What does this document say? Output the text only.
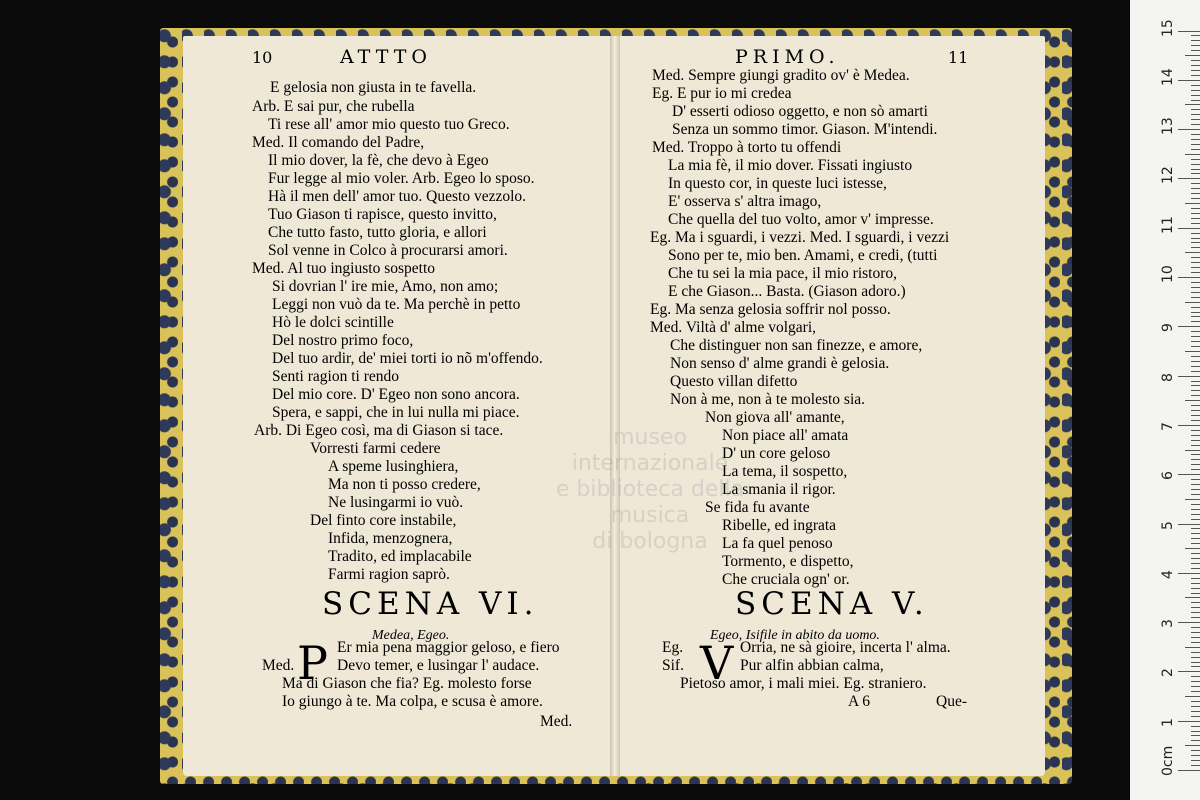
10	ATTTO	PRIMO.	11
museo internazionale
e biblioteca della musica
di bologna
E gelosia non giusta in te favella.
Arb. E sai pur, che rubella
Ti rese all' amor mio questo tuo Greco.
Med. Il comando del Padre,
Il mio dover, la fè, che devo à Egeo
Fur legge al mio voler. Arb. Egeo lo sposo.
Hà il men dell' amor tuo. Questo vezzolo.
Tuo Giason ti rapisce, questo invitto,
Che tutto fasto, tutto gloria, e allori
Sol venne in Colco à procurarsi amori.
Med. Al tuo ingiusto sospetto
Si dovrian l' ire mie, Amo, non amo;
Leggi non vuò da te. Ma perchè in petto
Hò le dolci scintille
Del nostro primo foco,
Del tuo ardir, de' miei torti io nõ m'offendo.
Senti ragion ti rendo
Del mio core. D' Egeo non sono ancora.
Spera, e sappi, che in lui nulla mi piace.
Arb. Di Egeo così, ma di Giason si tace.
Vorresti farmi cedere
A speme lusinghiera,
Ma non ti posso credere,
Ne lusingarmi io vuò.
Del finto core instabile,
Infida, menzognera,
Tradito, ed implacabile
Farmi ragion saprò.
Med.
Er mia pena maggior geloso, e fiero
Devo temer, e lusingar l' audace.
Ma di Giason che fia? Eg. molesto forse
Io giungo à te. Ma colpa, e scusa è amore.
Med.
Med. Sempre giungi gradito ov' è Medea.
Eg. E pur io mi credea
D' esserti odioso oggetto, e non sò amarti
Senza un sommo timor. Giason. M'intendi.
Med. Troppo à torto tu offendi
La mia fè, il mio dover. Fissati ingiusto
In questo cor, in queste luci istesse,
E' osserva s' altra imago,
Che quella del tuo volto, amor v' impresse.
Eg. Ma i sguardi, i vezzi. Med. I sguardi, i vezzi
Sono per te, mio ben. Amami, e credi, (tutti
Che tu sei la mia pace, il mio ristoro,
E che Giason... Basta. (Giason adoro.)
Eg. Ma senza gelosia soffrir nol posso.
Med. Viltà d' alme volgari,
Che distinguer non san finezze, e amore,
Non senso d' alme grandi è gelosia.
Questo villan difetto
Non à me, non à te molesto sia.
Non giova all' amante,
Non piace all' amata
D' un core geloso
La tema, il sospetto,
La smania il rigor.
Se fida fu avante
Ribelle, ed ingrata
La fa quel penoso
Tormento, e dispetto,
Che cruciala ogn' or.
Eg.
Sif.
Orria, ne sà gioire, incerta l' alma.
Pur alfin abbian calma,
Pietoso amor, i mali miei. Eg. straniero.
A 6	Que-
SCENA VI.
Medea, Egeo.
P
SCENA V.
Egeo, Isifile in abito da uomo.
V
0cm
1
2
3
4
5
6
7
8
9
10
11
12
13
14
15
